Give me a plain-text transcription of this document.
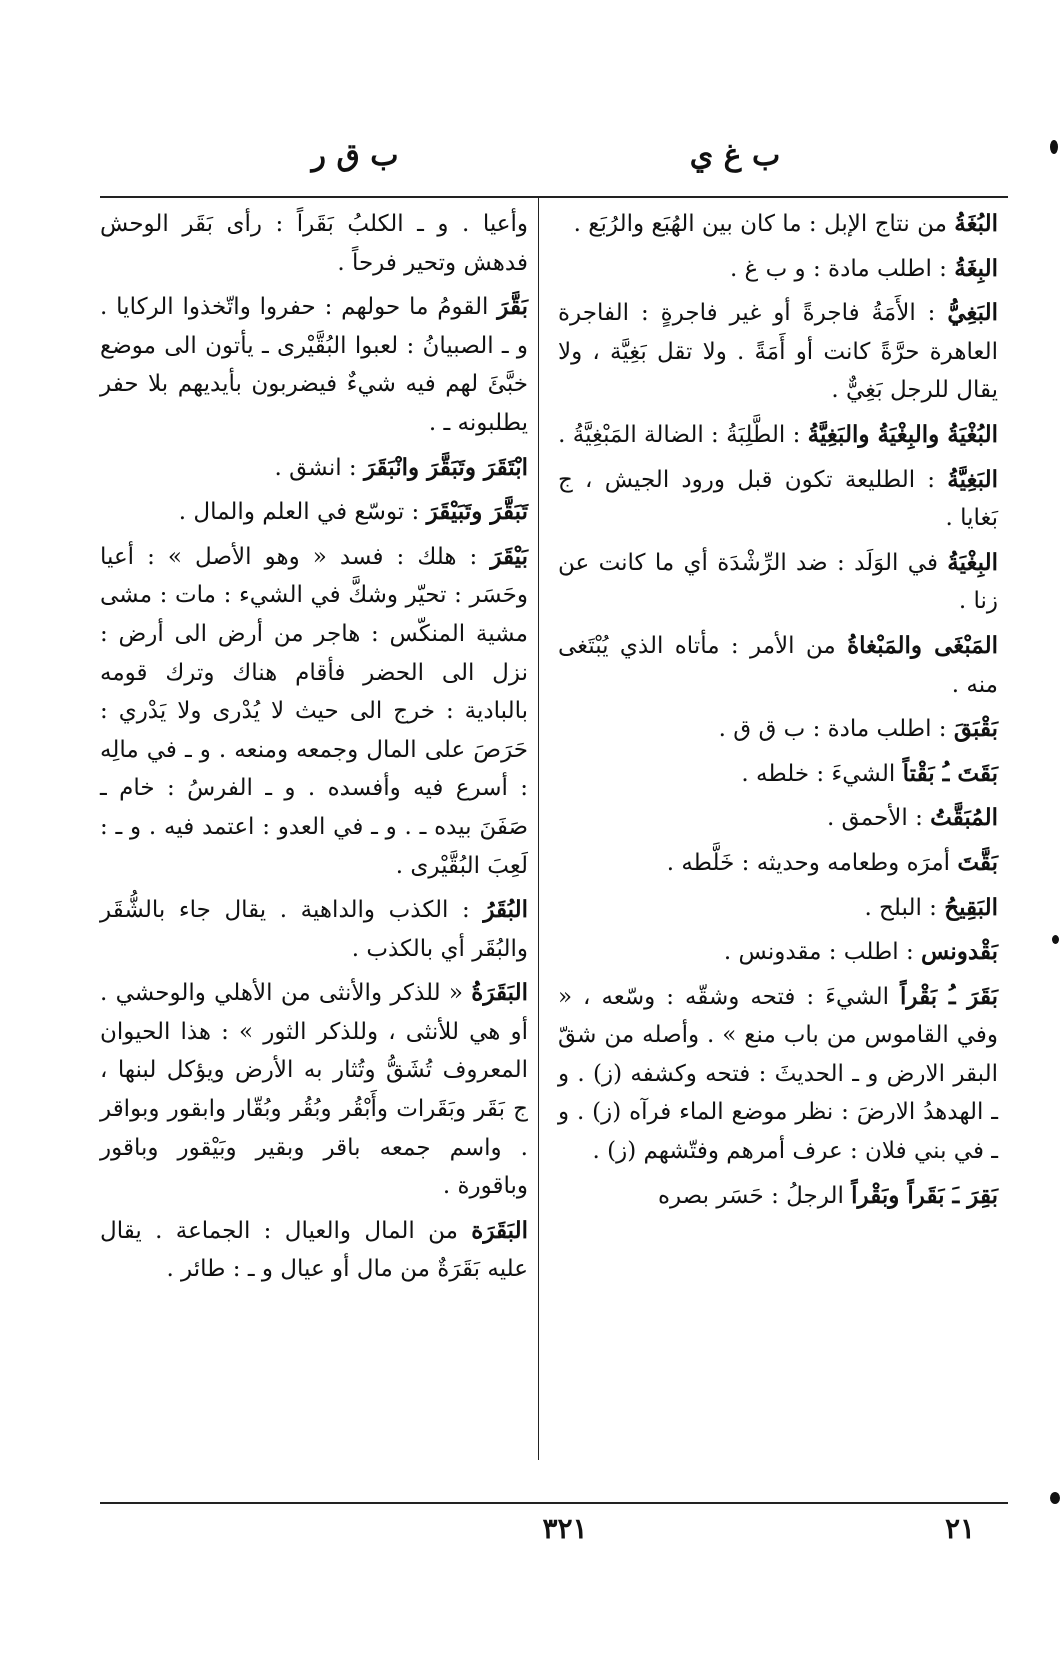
ب ق ر	ب غ ي

البُغَةُ من نتاج الإبل : ما كان بين الهُبَع والرُبَع .

البِغَةُ : اطلب مادة : و ب غ .

البَغِيُّ : الأَمَةُ فاجرةً أو غير فاجرةٍ : الفاجرة العاهرة حرَّةً كانت أو أَمَةً . ولا تقل بَغِيَّة ، ولا يقال للرجل بَغِيٌّ .

البُغْيَةُ والبِغْيَةُ والبَغِيَّةُ : الطَّلِبَةُ : الضالة المَبْغِيَّةُ .

البَغِيَّةُ : الطليعة تكون قبل ورود الجيش ، ج بَغايا .

البِغْيَةُ في الوَلَد : ضد الرِّشْدَة أي ما كانت عن زنا .

المَبْغَى والمَبْغاةُ من الأمر : مأتاه الذي يُبْتَغى منه .

بَقْبَقَ : اطلب مادة : ب ق ق .

بَقَتَ ـُ بَقْتاً الشيءَ : خلطه .

المُبَقَّتُ : الأحمق .

بَقَّتَ أمرَه وطعامه وحديثه : خَلَّطه .

البَقِيحُ : البلح .

بَقْدونس : اطلب : مقدونس .

بَقَرَ ـُ بَقْراً الشيءَ : فتحه وشقّه : وسّعه ، « وفي القاموس من باب منع » . وأصله من شقّ البقر الارض و ـ الحديثَ : فتحه وكشفه (ز) . و ـ الهدهدُ الارضَ : نظر موضع الماء فرآه (ز) . و ـ في بني فلان : عرف أمرهم وفتّشهم (ز) .

بَقِرَ ـَ بَقَراً وبَقْراً الرجلُ : حَسَر بصره

وأعيا . و ـ الكلبُ بَقَراً : رأى بَقَر الوحش فدهش وتحير فرحاً .

بَقَّرَ القومُ ما حولهم : حفروا واتّخذوا الركايا . و ـ الصبيانُ : لعبوا البُقَّيْرى ـ يأتون الى موضع خبَّئَ لهم فيه شيءٌ فيضربون بأيديهم بلا حفر يطلبونه ـ .

ابْتَقَرَ وتَبَقَّرَ وانْبَقَرَ : انشق .

تَبَقَّرَ وتَبَيْقَرَ : توسّع في العلم والمال .

بَيْقَرَ : هلك : فسد « وهو الأصل » : أعيا وحَسَر : تحيّر وشكَّ في الشيء : مات : مشى مشية المنكّس : هاجر من أرض الى أرض : نزل الى الحضر فأقام هناك وترك قومه بالبادية : خرج الى حيث لا يُدْرى ولا يَدْري : حَرَصَ على المال وجمعه ومنعه . و ـ في مالِه : أسرع فيه وأفسده . و ـ الفرسُ : خام ـ صَفَنَ بيده ـ . و ـ في العدو : اعتمد فيه . و ـ : لَعِبَ البُقَّيْرى .

البُقَرُ : الكذب والداهية . يقال جاء بالشُّقَر والبُقَر أي بالكذب .

البَقَرَةُ « للذكر والأنثى من الأهلي والوحشي . أو هي للأنثى ، وللذكر الثور » : هذا الحيوان المعروف تُشَقُّ وتُثار به الأرض ويؤكل لبنها ، ج بَقَر وبَقَرات وأَبْقُر وبُقُر وبُقّار وابقور وبواقر . واسم جمعه باقر وبقير وبَيْقور وباقور وباقورة .

البَقَرَة من المال والعيال : الجماعة . يقال عليه بَقَرَةٌ من مال أو عيال و ـ : طائر .

٣٢١	٢١
